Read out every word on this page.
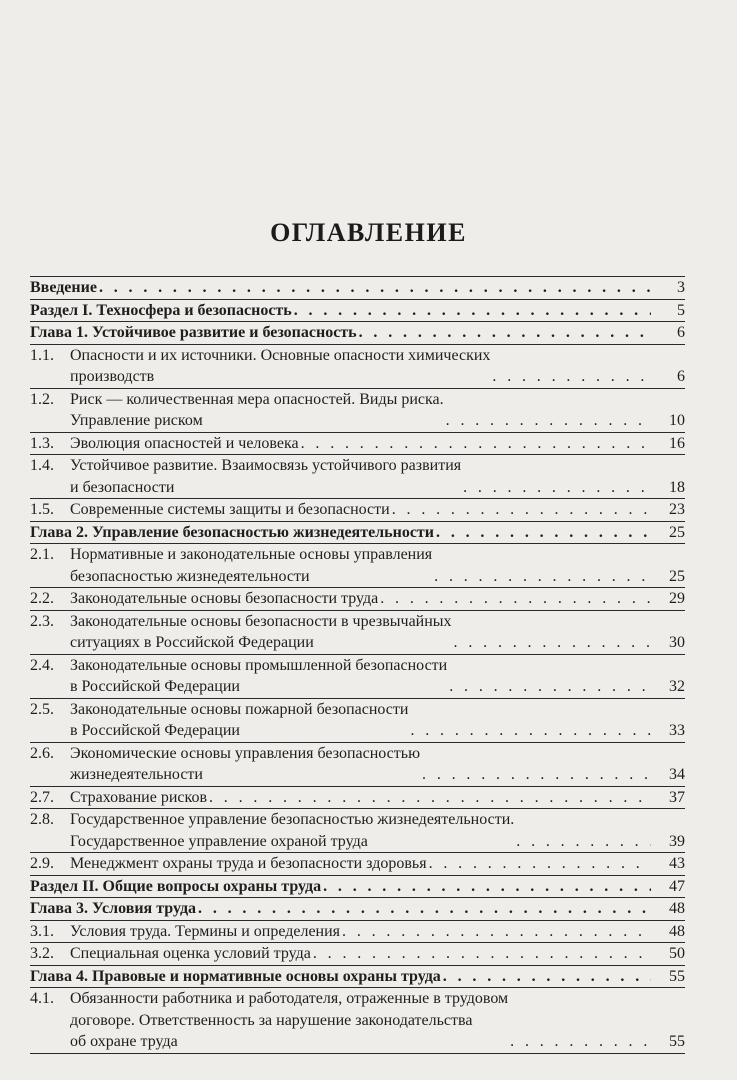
ОГЛАВЛЕНИЕ
Введение . . .	3
Раздел I. Техносфера и безопасность . . .	5
Глава 1. Устойчивое развитие и безопасность . . .	6
1.1.	Опасности и их источники. Основные опасности химических
производств . . .	6
1.2.	Риск — количественная мера опасностей. Виды риска.
Управление риском . . .	10
1.3.	Эволюция опасностей и человека . . .	16
1.4.	Устойчивое развитие. Взаимосвязь устойчивого развития
и безопасности . . .	18
1.5.	Современные системы защиты и безопасности . . .	23
Глава 2. Управление безопасностью жизнедеятельности . . .	25
2.1.	Нормативные и законодательные основы управления
безопасностью жизнедеятельности . . .	25
2.2.	Законодательные основы безопасности труда . . .	29
2.3.	Законодательные основы безопасности в чрезвычайных
ситуациях в Российской Федерации . . .	30
2.4.	Законодательные основы промышленной безопасности
в Российской Федерации . . .	32
2.5.	Законодательные основы пожарной безопасности
в Российской Федерации . . .	33
2.6.	Экономические основы управления безопасностью
жизнедеятельности . . .	34
2.7.	Страхование рисков . . .	37
2.8.	Государственное управление безопасностью жизнедеятельности.
Государственное управление охраной труда . . .	39
2.9.	Менеджмент охраны труда и безопасности здоровья . . .	43
Раздел II. Общие вопросы охраны труда . . .	47
Глава 3. Условия труда . . .	48
3.1.	Условия труда. Термины и определения . . .	48
3.2.	Специальная оценка условий труда . . .	50
Глава 4. Правовые и нормативные основы охраны труда . . .	55
4.1.	Обязанности работника и работодателя, отраженные в трудовом
договоре. Ответственность за нарушение законодательства
об охране труда . . .	55
